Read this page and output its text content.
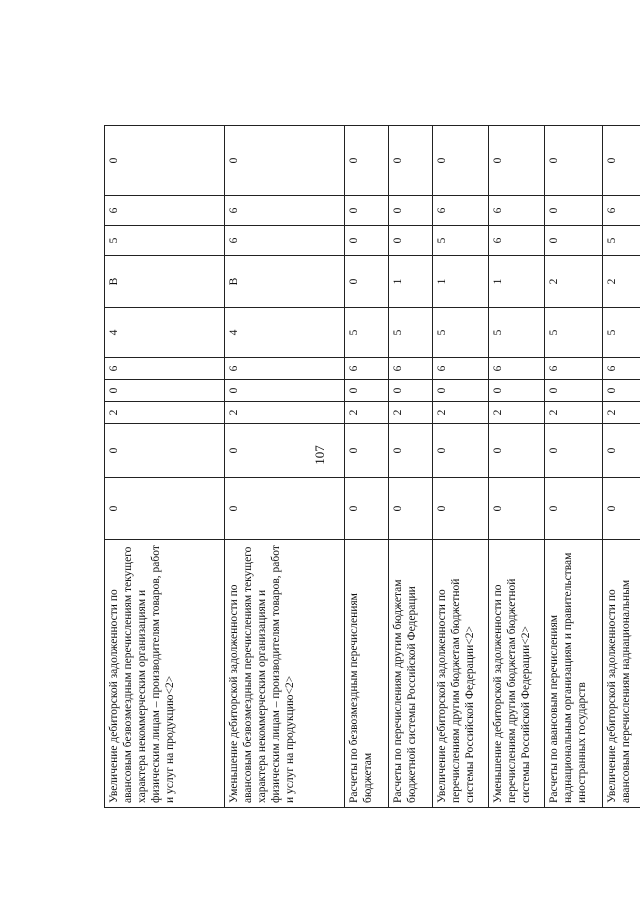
107
Увеличение дебиторской задолженности по авансовым безвозмездным перечислениям текущего характера некоммерческим организациям и физическим лицам – производителям товаров, работ и услуг на продукцию<2>	0	0	2	0	6	4	В	5	6	0
Уменьшение дебиторской задолженности по авансовым безвозмездным перечислениям текущего характера некоммерческим организациям и физическим лицам – производителям товаров, работ и услуг на продукцию<2>	0	0	2	0	6	4	В	6	6	0
Расчеты по безвозмездным перечислениям бюджетам	0	0	2	0	6	5	0	0	0	0
Расчеты по перечислениям другим бюджетам бюджетной системы Российской Федерации	0	0	2	0	6	5	1	0	0	0
Увеличение дебиторской задолженности по перечислениям другим бюджетам бюджетной системы Российской Федерации<2>	0	0	2	0	6	5	1	5	6	0
Уменьшение дебиторской задолженности по перечислениям другим бюджетам бюджетной системы Российской Федерации<2>	0	0	2	0	6	5	1	6	6	0
Расчеты по авансовым перечислениям наднациональным организациям и правительствам иностранных государств	0	0	2	0	6	5	2	0	0	0
Увеличение дебиторской задолженности по авансовым перечислениям наднациональным	0	0	2	0	6	5	2	5	6	0
